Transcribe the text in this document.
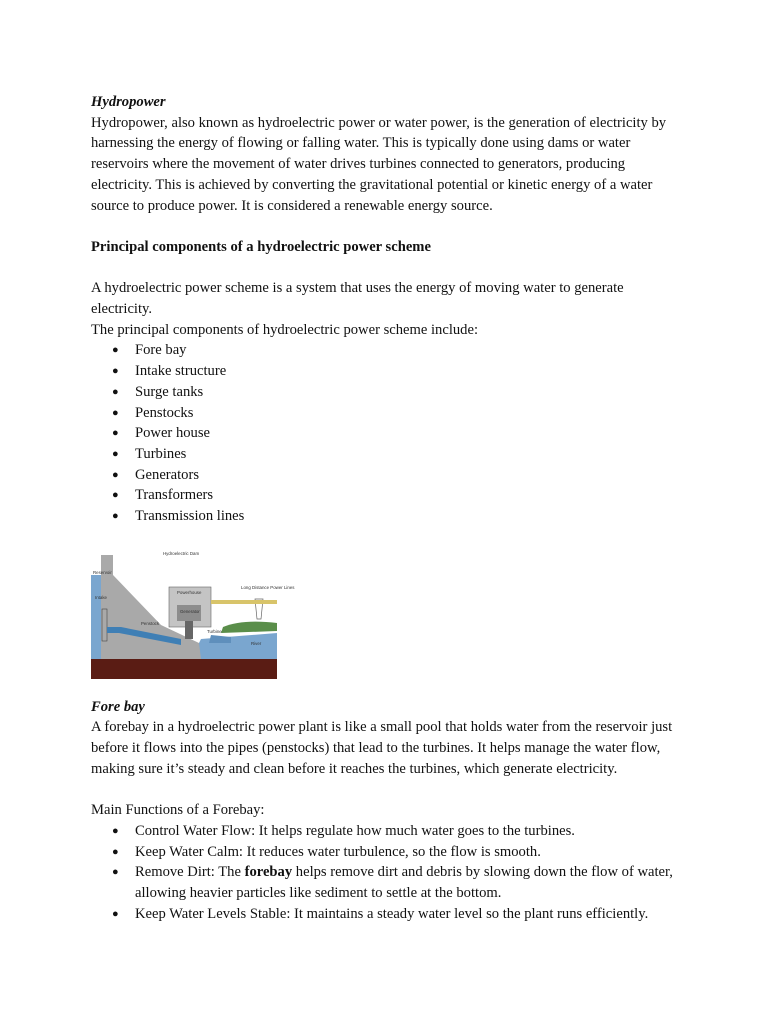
Hydropower

Hydropower, also known as hydroelectric power or water power, is the generation of electricity by harnessing the energy of flowing or falling water. This is typically done using dams or water reservoirs where the movement of water drives turbines connected to generators, producing electricity. This is achieved by converting the gravitational potential or kinetic energy of a water source to produce power. It is considered a renewable energy source.

Principal components of a hydroelectric power scheme

A hydroelectric power scheme is a system that uses the energy of moving water to generate electricity.

The principal components of hydroelectric power scheme include:

● Fore bay
● Intake structure
● Surge tanks
● Penstocks
● Power house
● Turbines
● Generators
● Transformers
● Transmission lines
Hydroelectric Dam
Reservoir
Intake
Penstock
Powerhouse
Generator
Turbine
Long Distance Power Lines
River

Fore bay

A forebay in a hydroelectric power plant is like a small pool that holds water from the reservoir just before it flows into the pipes (penstocks) that lead to the turbines. It helps manage the water flow, making sure it’s steady and clean before it reaches the turbines, which generate electricity.

Main Functions of a Forebay:

● Control Water Flow: It helps regulate how much water goes to the turbines.
● Keep Water Calm: It reduces water turbulence, so the flow is smooth.
● Remove Dirt: The forebay helps remove dirt and debris by slowing down the flow of water, allowing heavier particles like sediment to settle at the bottom.
● Keep Water Levels Stable: It maintains a steady water level so the plant runs efficiently.
